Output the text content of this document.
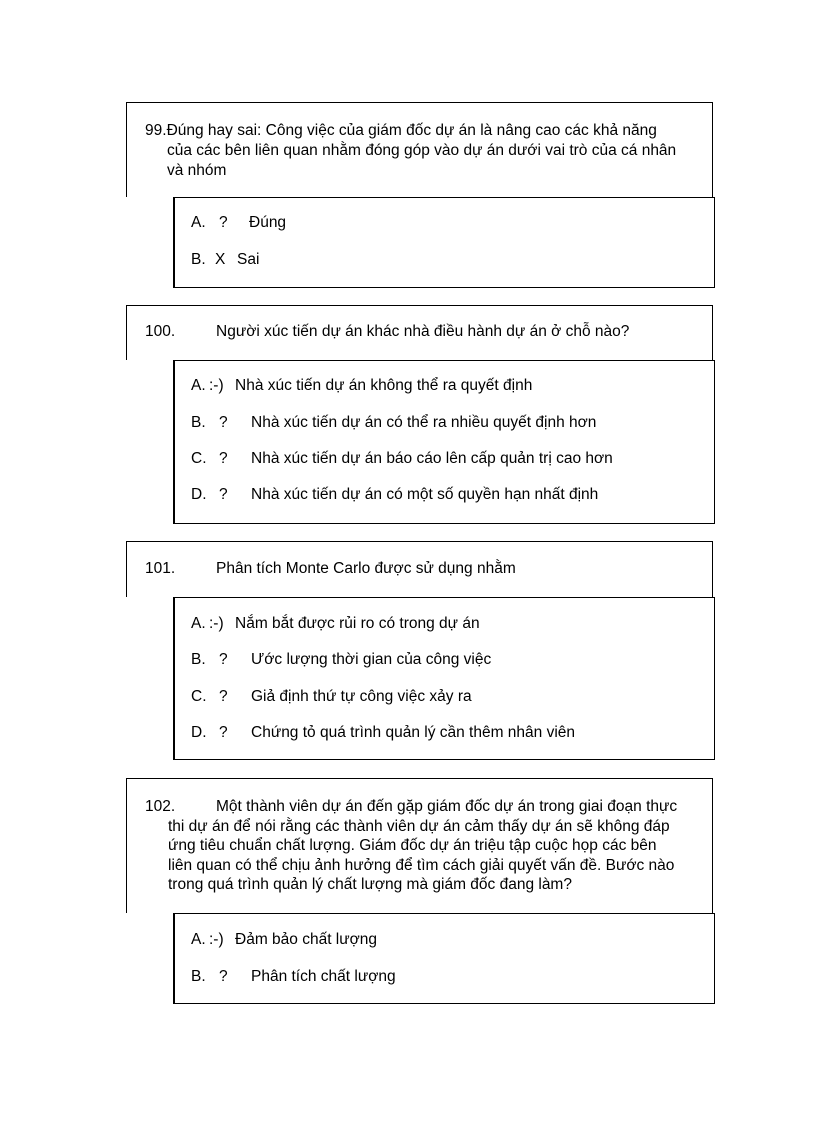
99.Đúng hay sai: Công việc của giám đốc dự án là nâng cao các khả năng
của các bên liên quan nhằm đóng góp vào dự án dưới vai trò của cá nhân
và nhóm
A. ? Đúng
B. X Sai
100.	Người xúc tiến dự án khác nhà điều hành dự án ở chỗ nào?
A. :-) Nhà xúc tiến dự án không thể ra quyết định
B. ? Nhà xúc tiến dự án có thể ra nhiều quyết định hơn
C. ? Nhà xúc tiến dự án báo cáo lên cấp quản trị cao hơn
D. ? Nhà xúc tiến dự án có một số quyền hạn nhất định
101.	Phân tích Monte Carlo được sử dụng nhằm
A. :-) Nắm bắt được rủi ro có trong dự án
B. ? Ước lượng thời gian của công việc
C. ? Giả định thứ tự công việc xảy ra
D. ? Chứng tỏ quá trình quản lý cần thêm nhân viên
102.	Một thành viên dự án đến gặp giám đốc dự án trong giai đoạn thực
thi dự án để nói rằng các thành viên dự án cảm thấy dự án sẽ không đáp
ứng tiêu chuẩn chất lượng. Giám đốc dự án triệu tập cuộc họp các bên
liên quan có thể chịu ảnh hưởng để tìm cách giải quyết vấn đề. Bước nào
trong quá trình quản lý chất lượng mà giám đốc đang làm?
A. :-) Đảm bảo chất lượng
B. ? Phân tích chất lượng
